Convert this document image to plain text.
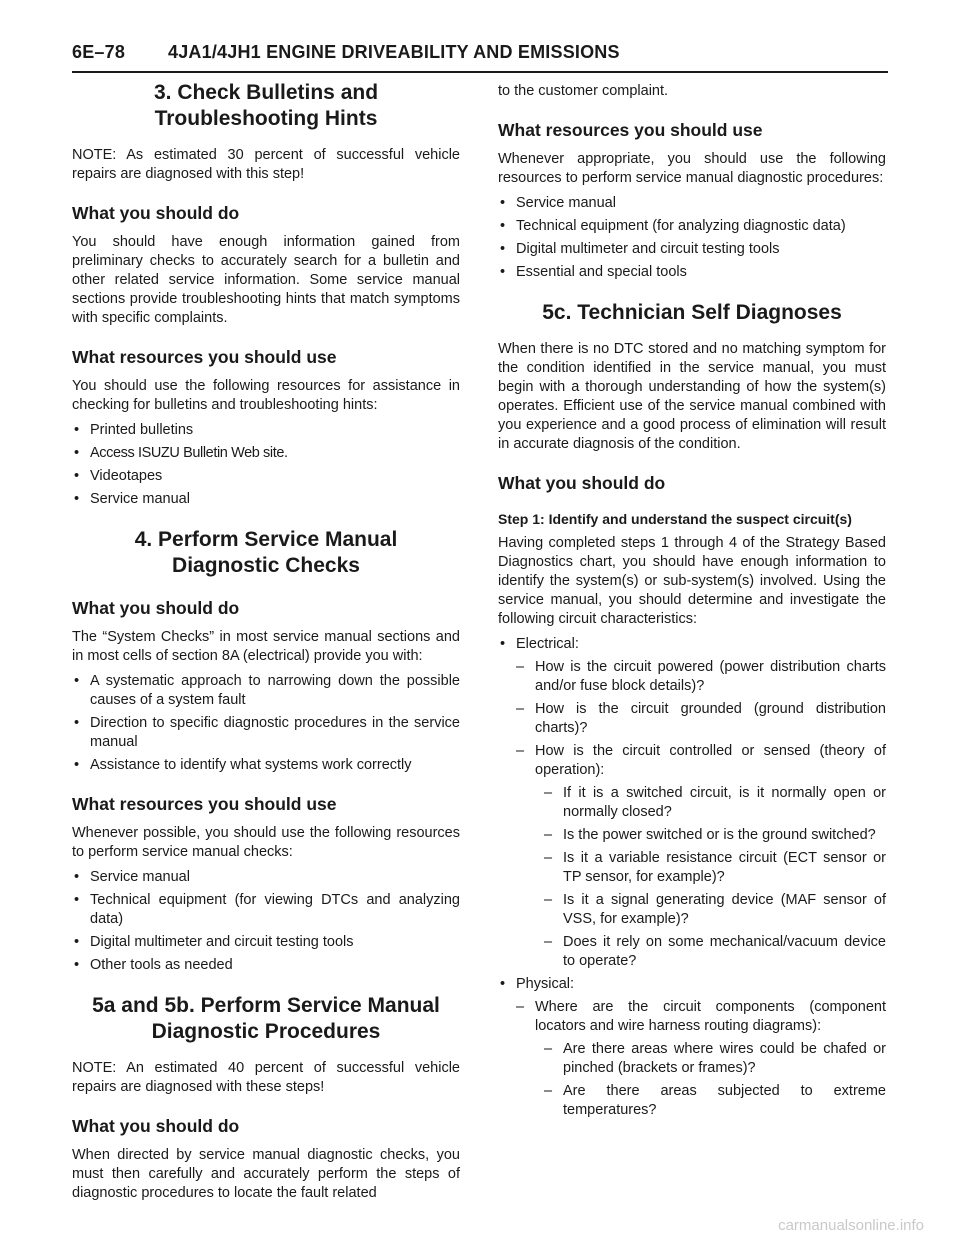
6E–78 4JA1/4JH1 ENGINE DRIVEABILITY AND EMISSIONS
3. Check Bulletins and
Troubleshooting Hints

NOTE: As estimated 30 percent of successful vehicle repairs are diagnosed with this step!

What you should do

You should have enough information gained from preliminary checks to accurately search for a bulletin and other related service information. Some service manual sections provide troubleshooting hints that match symptoms with specific complaints.

What resources you should use

You should use the following resources for assistance in checking for bulletins and troubleshooting hints:

• Printed bulletins
• Access ISUZU Bulletin Web site.
• Videotapes
• Service manual
4. Perform Service Manual
Diagnostic Checks
What you should do

The “System Checks” in most service manual sections and in most cells of section 8A (electrical) provide you with:

• A systematic approach to narrowing down the possible causes of a system fault
• Direction to specific diagnostic procedures in the service manual
• Assistance to identify what systems work correctly
What resources you should use

Whenever possible, you should use the following resources to perform service manual checks:

• Service manual
• Technical equipment (for viewing DTCs and analyzing data)
• Digital multimeter and circuit testing tools
• Other tools as needed
5a and 5b. Perform Service Manual
Diagnostic Procedures

NOTE: An estimated 40 percent of successful vehicle repairs are diagnosed with these steps!

What you should do

When directed by service manual diagnostic checks, you must then carefully and accurately perform the steps of diagnostic procedures to locate the fault related

to the customer complaint.

What resources you should use

Whenever appropriate, you should use the following resources to perform service manual diagnostic procedures:

• Service manual
• Technical equipment (for analyzing diagnostic data)
• Digital multimeter and circuit testing tools
• Essential and special tools
5c. Technician Self Diagnoses

When there is no DTC stored and no matching symptom for the condition identified in the service manual, you must begin with a thorough understanding of how the system(s) operates. Efficient use of the service manual combined with you experience and a good process of elimination will result in accurate diagnosis of the condition.

What you should do
Step 1: Identify and understand the suspect circuit(s)

Having completed steps 1 through 4 of the Strategy Based Diagnostics chart, you should have enough information to identify the system(s) or sub-system(s) involved. Using the service manual, you should determine and investigate the following circuit characteristics:

• Electrical:
– How is the circuit powered (power distribution charts and/or fuse block details)?
– How is the circuit grounded (ground distribution charts)?
– How is the circuit controlled or sensed (theory of operation):
– If it is a switched circuit, is it normally open or normally closed?
– Is the power switched or is the ground switched?
– Is it a variable resistance circuit (ECT sensor or TP sensor, for example)?
– Is it a signal generating device (MAF sensor of VSS, for example)?
– Does it rely on some mechanical/vacuum device to operate?
• Physical:
– Where are the circuit components (component locators and wire harness routing diagrams):
– Are there areas where wires could be chafed or pinched (brackets or frames)?
– Are there areas subjected to extreme temperatures?
carmanualsonline.info
